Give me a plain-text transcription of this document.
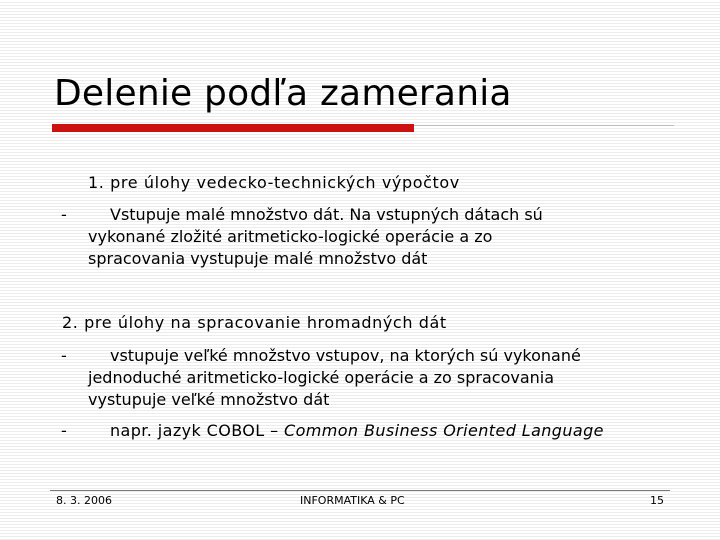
Delenie podľa zamerania
1. pre úlohy vedecko-technických výpočtov
-	Vstupuje malé množstvo dát. Na vstupných dátach sú
vykonané zložité aritmeticko-logické operácie a zo
spracovania vystupuje malé množstvo dát
2. pre úlohy na spracovanie hromadných dát
-	vstupuje veľké množstvo vstupov, na ktorých sú vykonané
jednoduché aritmeticko-logické operácie a zo spracovania
vystupuje veľké množstvo dát
-	napr. jazyk COBOL – Common Business Oriented Language
8. 3. 2006	INFORMATIKA & PC	15
